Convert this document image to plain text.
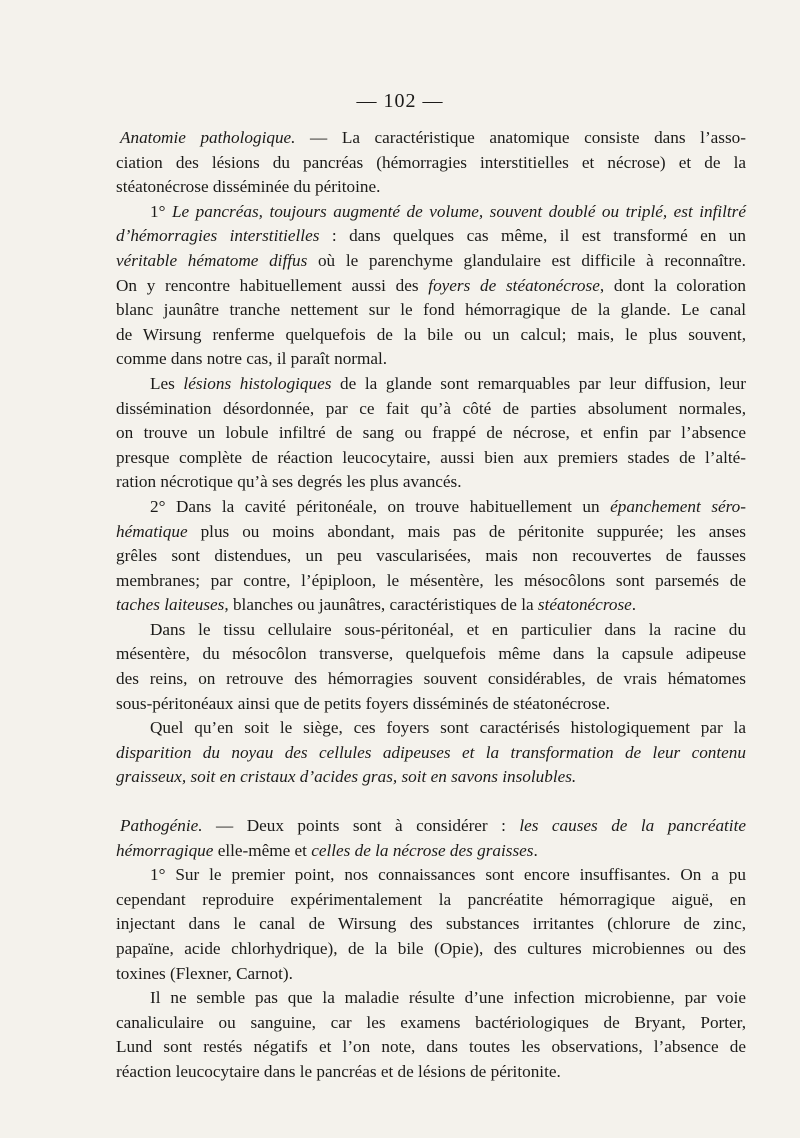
— 102 —
Anatomie pathologique. — La caractéristique anatomique consiste dans l’asso-
ciation des lésions du pancréas (hémorragies interstitielles et nécrose) et de la
stéatonécrose disséminée du péritoine.
1° Le pancréas, toujours augmenté de volume, souvent doublé ou triplé, est infiltré
d’hémorragies interstitielles : dans quelques cas même, il est transformé en un
véritable hématome diffus où le parenchyme glandulaire est difficile à reconnaître.
On y rencontre habituellement aussi des foyers de stéatonécrose, dont la coloration
blanc jaunâtre tranche nettement sur le fond hémorragique de la glande. Le canal
de Wirsung renferme quelquefois de la bile ou un calcul; mais, le plus souvent,
comme dans notre cas, il paraît normal.
Les lésions histologiques de la glande sont remarquables par leur diffusion, leur
dissémination désordonnée, par ce fait qu’à côté de parties absolument normales,
on trouve un lobule infiltré de sang ou frappé de nécrose, et enfin par l’absence
presque complète de réaction leucocytaire, aussi bien aux premiers stades de l’alté-
ration nécrotique qu’à ses degrés les plus avancés.
2° Dans la cavité péritonéale, on trouve habituellement un épanchement séro-
hématique plus ou moins abondant, mais pas de péritonite suppurée; les anses
grêles sont distendues, un peu vascularisées, mais non recouvertes de fausses
membranes; par contre, l’épiploon, le mésentère, les mésocôlons sont parsemés de
taches laiteuses, blanches ou jaunâtres, caractéristiques de la stéatonécrose.
Dans le tissu cellulaire sous-péritonéal, et en particulier dans la racine du
mésentère, du mésocôlon transverse, quelquefois même dans la capsule adipeuse
des reins, on retrouve des hémorragies souvent considérables, de vrais hématomes
sous-péritonéaux ainsi que de petits foyers disséminés de stéatonécrose.
Quel qu’en soit le siège, ces foyers sont caractérisés histologiquement par la
disparition du noyau des cellules adipeuses et la transformation de leur contenu
graisseux, soit en cristaux d’acides gras, soit en savons insolubles.
Pathogénie. — Deux points sont à considérer : les causes de la pancréatite
hémorragique elle-même et celles de la nécrose des graisses.
1° Sur le premier point, nos connaissances sont encore insuffisantes. On a pu
cependant reproduire expérimentalement la pancréatite hémorragique aiguë, en
injectant dans le canal de Wirsung des substances irritantes (chlorure de zinc,
papaïne, acide chlorhydrique), de la bile (Opie), des cultures microbiennes ou des
toxines (Flexner, Carnot).
Il ne semble pas que la maladie résulte d’une infection microbienne, par voie
canaliculaire ou sanguine, car les examens bactériologiques de Bryant, Porter,
Lund sont restés négatifs et l’on note, dans toutes les observations, l’absence de
réaction leucocytaire dans le pancréas et de lésions de péritonite.
